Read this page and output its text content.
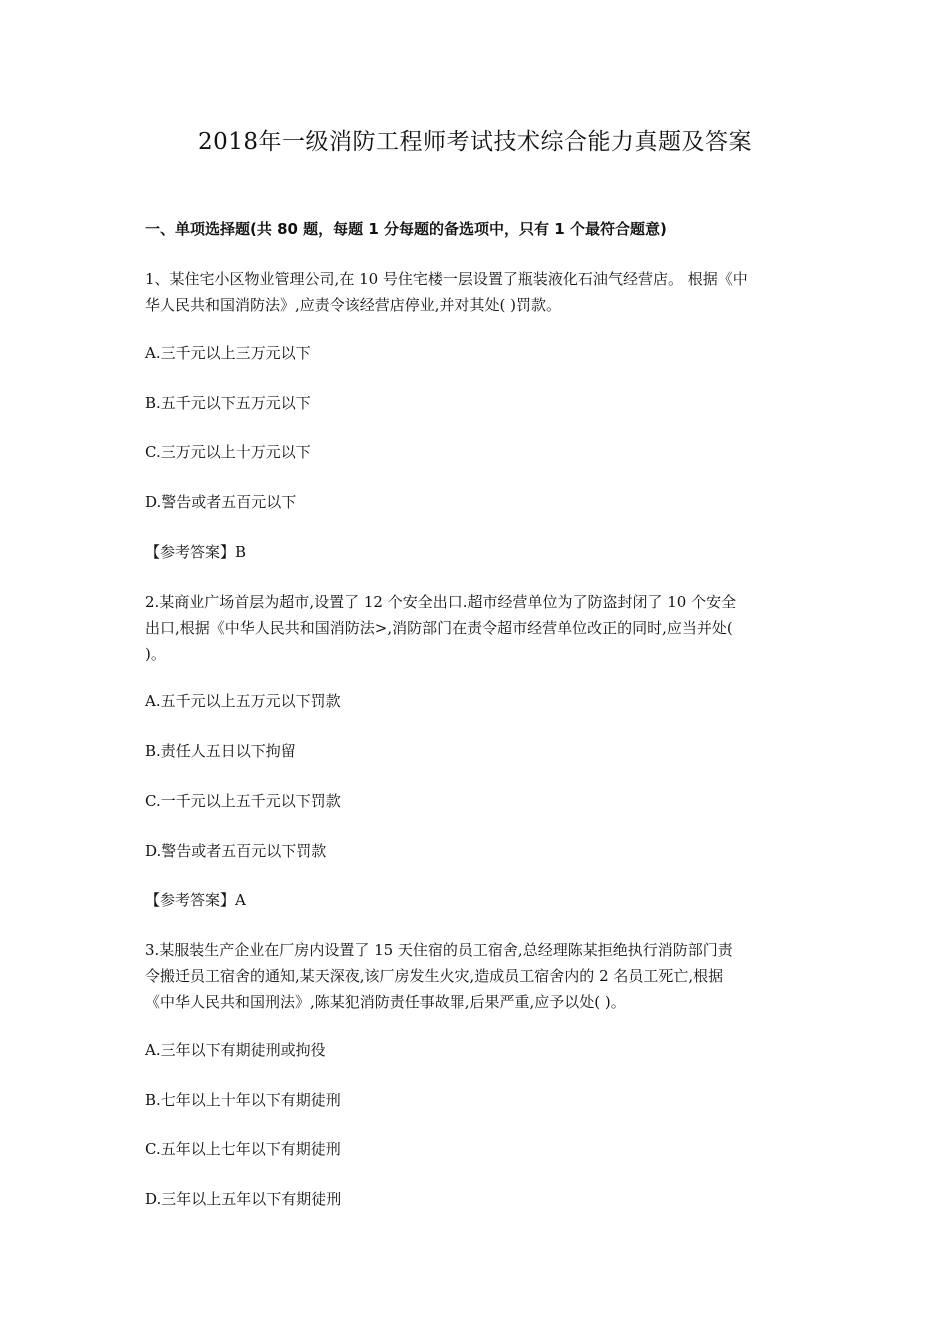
2018年一级消防工程师考试技术综合能力真题及答案
一、单项选择题(共 80 题，每题 1 分每题的备选项中，只有 1 个最符合题意)
1、某住宅小区物业管理公司,在 10 号住宅楼一层设置了瓶装液化石油气经营店。 根据《中
华人民共和国消防法》,应责令该经营店停业,并对其处( )罚款。
A.三千元以上三万元以下
B.五千元以下五万元以下
C.三万元以上十万元以下
D.警告或者五百元以下
【参考答案】B
2.某商业广场首层为超市,设置了 12 个安全出口.超市经营单位为了防盗封闭了 10 个安全
出口,根据《中华人民共和国消防法>,消防部门在责令超市经营单位改正的同时,应当并处(
)。
A.五千元以上五万元以下罚款
B.责任人五日以下拘留
C.一千元以上五千元以下罚款
D.警告或者五百元以下罚款
【参考答案】A
3.某服装生产企业在厂房内设置了 15 天住宿的员工宿舍,总经理陈某拒绝执行消防部门责
令搬迁员工宿舍的通知,某天深夜,该厂房发生火灾,造成员工宿舍内的 2 名员工死亡,根据
《中华人民共和国刑法》,陈某犯消防责任事故罪,后果严重,应予以处( )。
A.三年以下有期徒刑或拘役
B.七年以上十年以下有期徒刑
C.五年以上七年以下有期徒刑
D.三年以上五年以下有期徒刑
